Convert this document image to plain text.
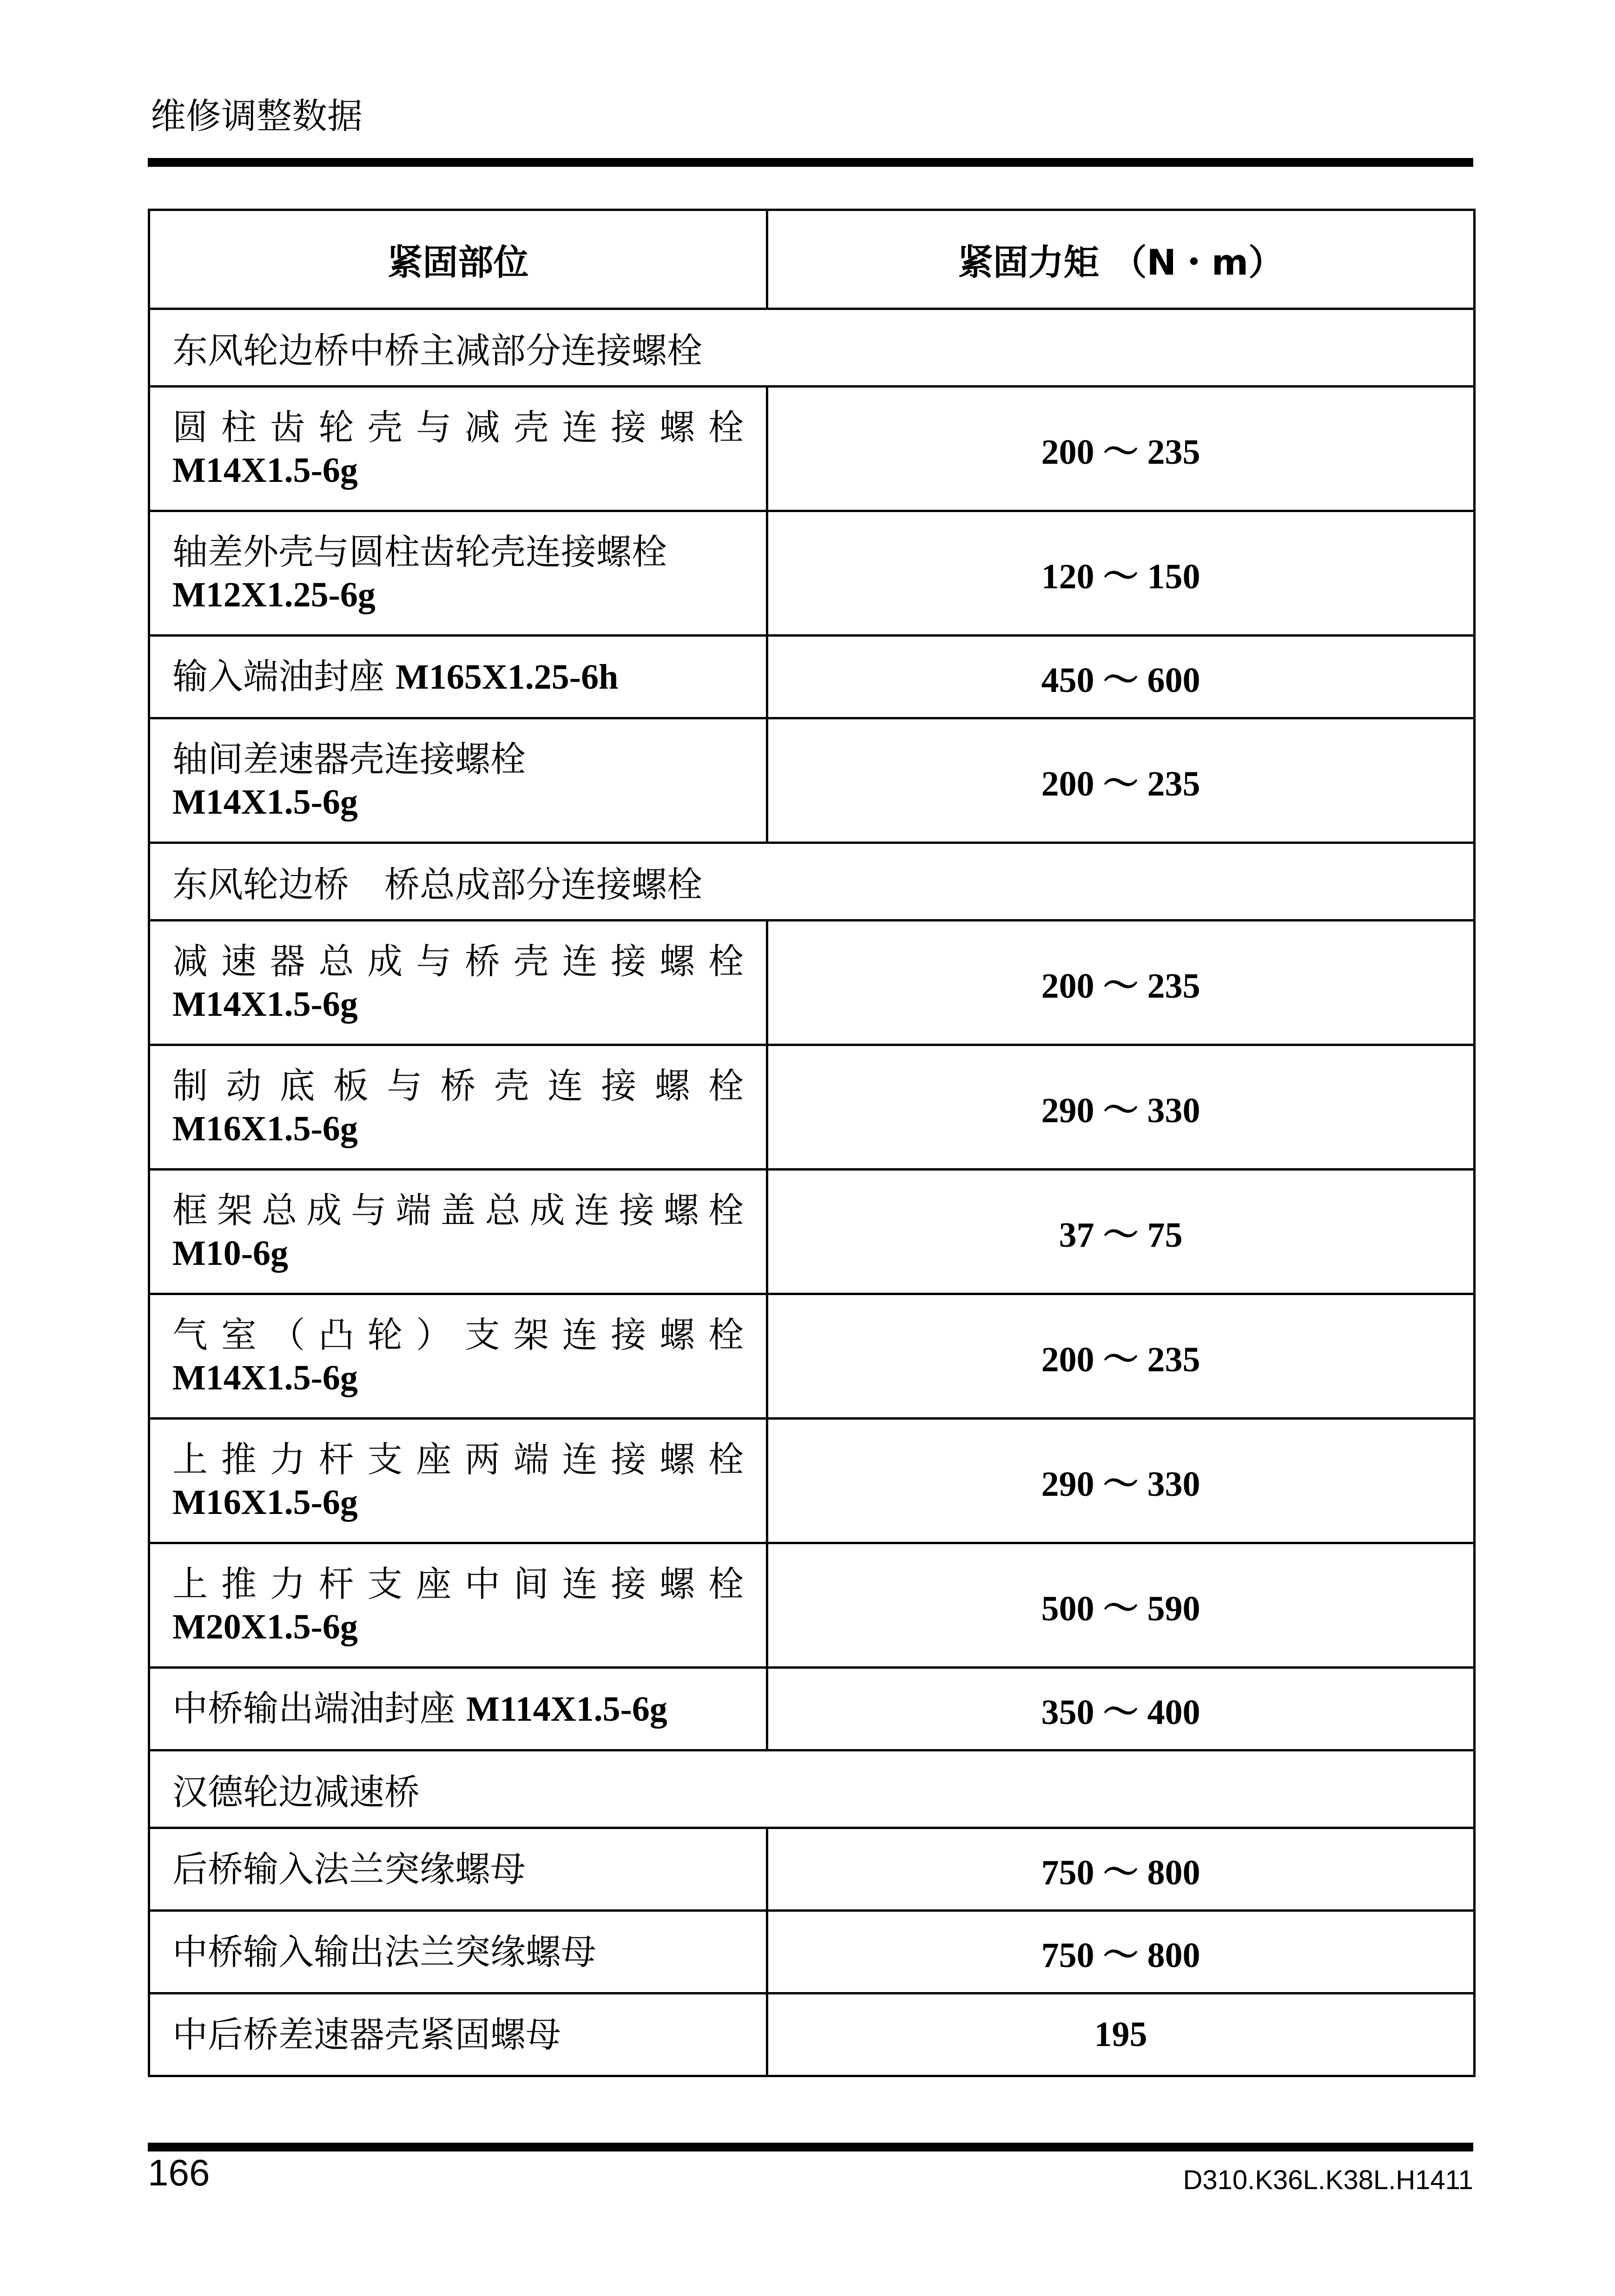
维修调整数据
紧固部位	紧固力矩 （N・m）
东风轮边桥中桥主减部分连接螺栓	

圆柱齿轮壳与减壳连接螺栓
M14X1.5-6g	200 ～ 235

轴差外壳与圆柱齿轮壳连接螺栓
M12X1.25-6g	120 ～ 150

输入端油封座 M165X1.25-6h	450 ～ 600

轴间差速器壳连接螺栓
M14X1.5-6g	200 ～ 235
东风轮边桥　桥总成部分连接螺栓	

减速器总成与桥壳连接螺栓
M14X1.5-6g	200 ～ 235

制动底板与桥壳连接螺栓
M16X1.5-6g	290 ～ 330

框架总成与端盖总成连接螺栓
M10-6g	37 ～ 75

气室（凸轮）支架连接螺栓
M14X1.5-6g	200 ～ 235

上推力杆支座两端连接螺栓
M16X1.5-6g	290 ～ 330

上推力杆支座中间连接螺栓
M20X1.5-6g	500 ～ 590

中桥输出端油封座 M114X1.5-6g	350 ～ 400
汉德轮边减速桥	

后桥输入法兰突缘螺母	750 ～ 800

中桥输入输出法兰突缘螺母	750 ～ 800

中后桥差速器壳紧固螺母	195
166	D310.K36L.K38L.H1411
